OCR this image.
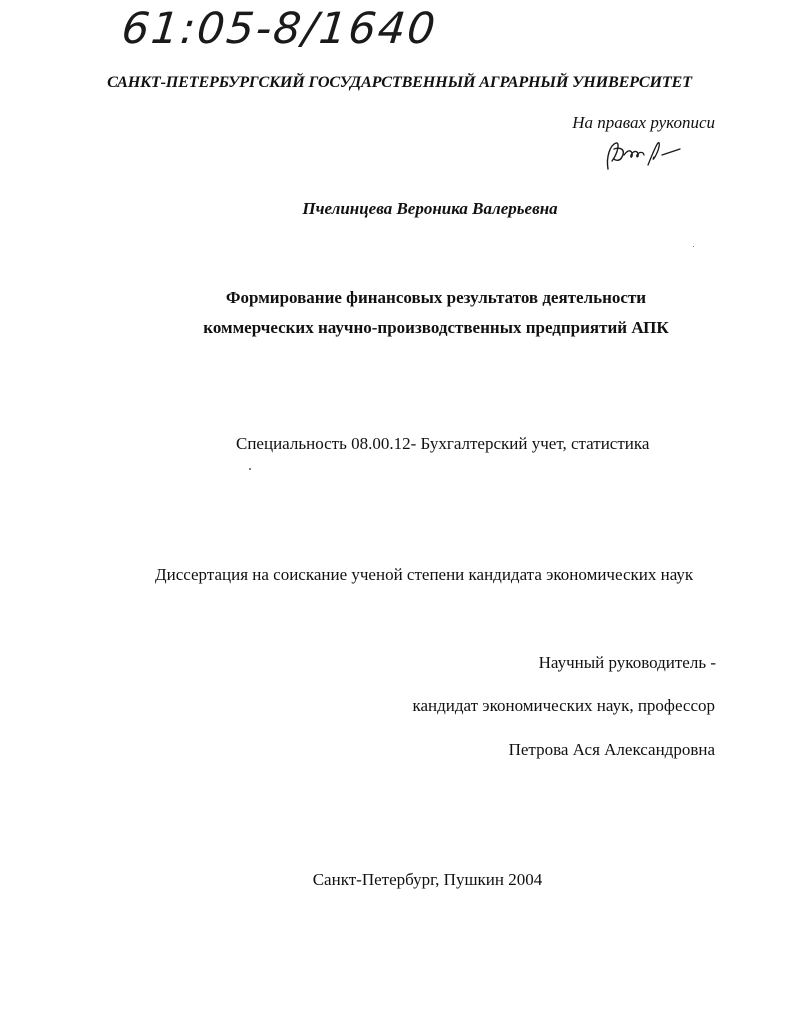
61:05-8/1640
САНКТ-ПЕТЕРБУРГСКИЙ ГОСУДАРСТВЕННЫЙ АГРАРНЫЙ УНИВЕРСИТЕТ
На правах рукописи
Пчелинцева Вероника Валерьевна
Формирование финансовых результатов деятельности
коммерческих научно-производственных предприятий АПК
Специальность 08.00.12- Бухгалтерский учет, статистика
Диссертация на соискание ученой степени кандидата экономических наук
Научный руководитель -
кандидат экономических наук, профессор
Петрова Ася Александровна
Санкт-Петербург, Пушкин 2004
